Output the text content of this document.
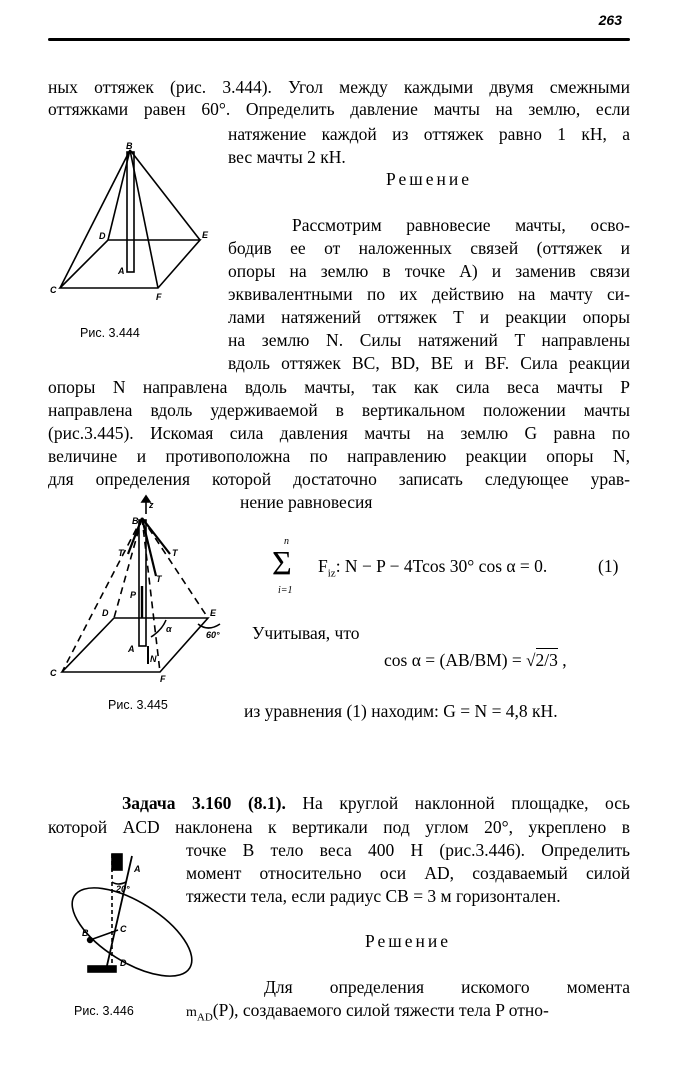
263
ных оттяжек (рис. 3.444). Угол между каждыми двумя смежными
оттяжками равен 60°. Определить давление мачты на землю, если
натяжение каждой из оттяжек равно 1 кН, а
вес мачты 2 кН.
Решение
Рассмотрим равновесие мачты, осво-
бодив ее от наложенных связей (оттяжек и
опоры на землю в точке А) и заменив связи
эквивалентными по их действию на мачту си-
лами натяжений оттяжек T и реакции опоры
на землю N. Силы натяжений T направлены
вдоль оттяжек BC, BD, BE и BF. Сила реакции
опоры N направлена вдоль мачты, так как сила веса мачты P
направлена вдоль удерживаемой в вертикальном положении мачты
(рис.3.445). Искомая сила давления мачты на землю G равна по
величине и противоположна по направлению реакции опоры N,
для определения которой достаточно записать следующее урав-
нение равновесия
n
Σ
i=1
$F_{iz}$: N − P − 4Tcos 30° cos α = 0.	(1)
Учитывая, что
cos α = (AB/BM) = √2/3 ,
из уравнения (1) находим: G = N = 4,8 кН.
Задача 3.160 (8.1). На круглой наклонной площадке, ось
которой ACD наклонена к вертикали под углом 20°, укреплено в
точке B тело веса 400 H (рис.3.446). Определить
момент относительно оси AD, создаваемый силой
тяжести тела, если радиус CB = 3 м горизонтален.
Решение
Для определения искомого момента
$m_{AD}(P)$, создаваемого силой тяжести тела P отно-
B
D	E
A
C
F
Рис. 3.444
z
B
T	T
T
P
D	E
α
60°
A
N
C
F
Рис. 3.445
20°
A
B	C
D
Рис. 3.446
